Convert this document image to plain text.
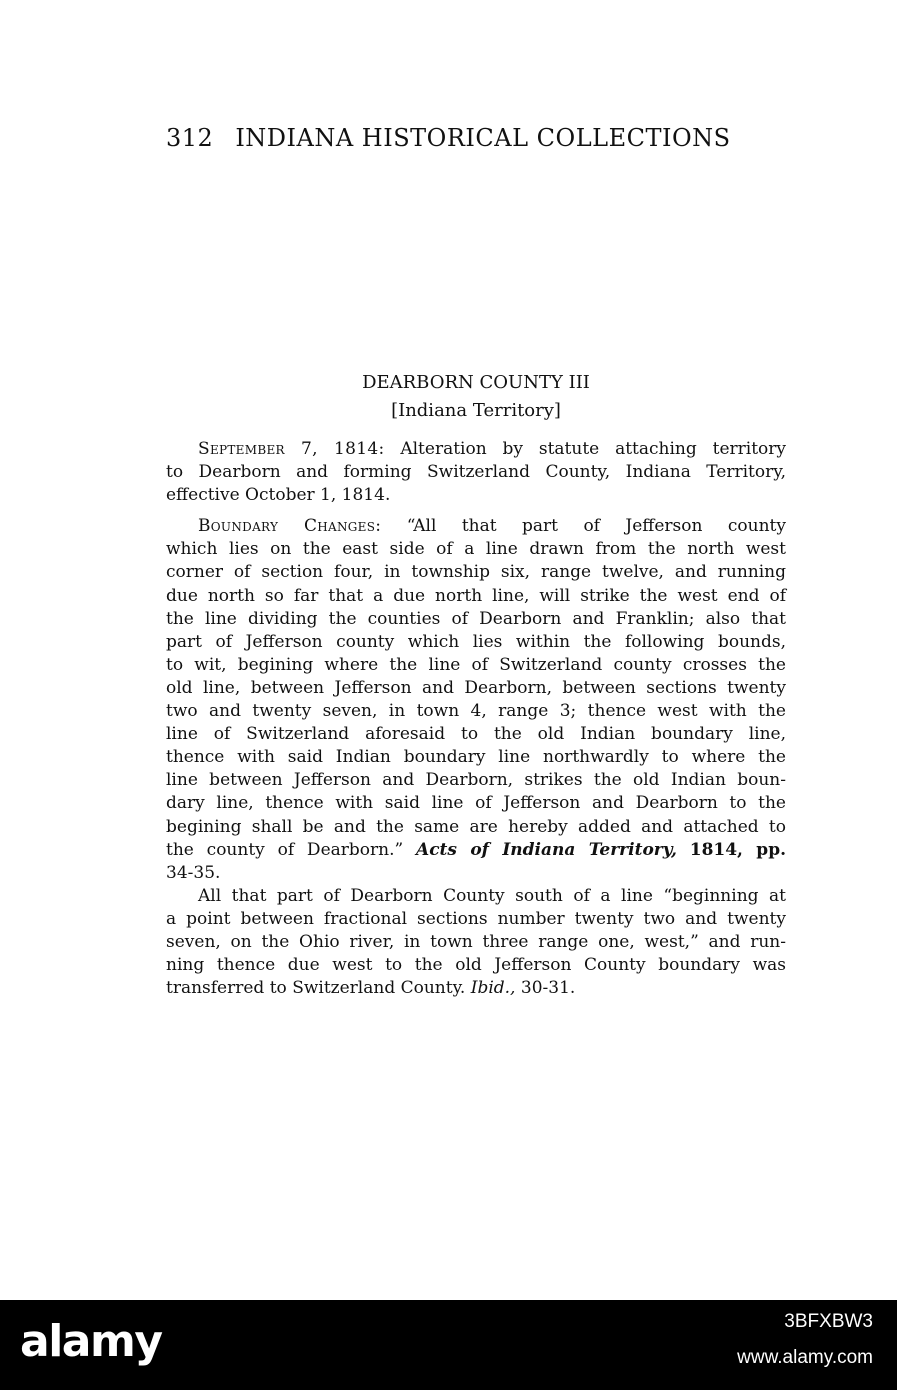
312 INDIANA HISTORICAL COLLECTIONS
DEARBORN COUNTY III
[Indiana Territory]
September 7, 1814: Alteration by statute attaching territory
to Dearborn and forming Switzerland County, Indiana Territory,
effective October 1, 1814.
Boundary Changes: “All that part of Jefferson county
which lies on the east side of a line drawn from the north west
corner of section four, in township six, range twelve, and running
due north so far that a due north line, will strike the west end of
the line dividing the counties of Dearborn and Franklin; also that
part of Jefferson county which lies within the following bounds,
to wit, begining where the line of Switzerland county crosses the
old line, between Jefferson and Dearborn, between sections twenty
two and twenty seven, in town 4, range 3; thence west with the
line of Switzerland aforesaid to the old Indian boundary line,
thence with said Indian boundary line northwardly to where the
line between Jefferson and Dearborn, strikes the old Indian boun-
dary line, thence with said line of Jefferson and Dearborn to the
begining shall be and the same are hereby added and attached to
the county of Dearborn.” Acts of Indiana Territory, 1814, pp.
34-35.
All that part of Dearborn County south of a line “beginning at
a point between fractional sections number twenty two and twenty
seven, on the Ohio river, in town three range one, west,” and run-
ning thence due west to the old Jefferson County boundary was
transferred to Switzerland County. Ibid., 30-31.
alamy	3BFXBW3
www.alamy.com
